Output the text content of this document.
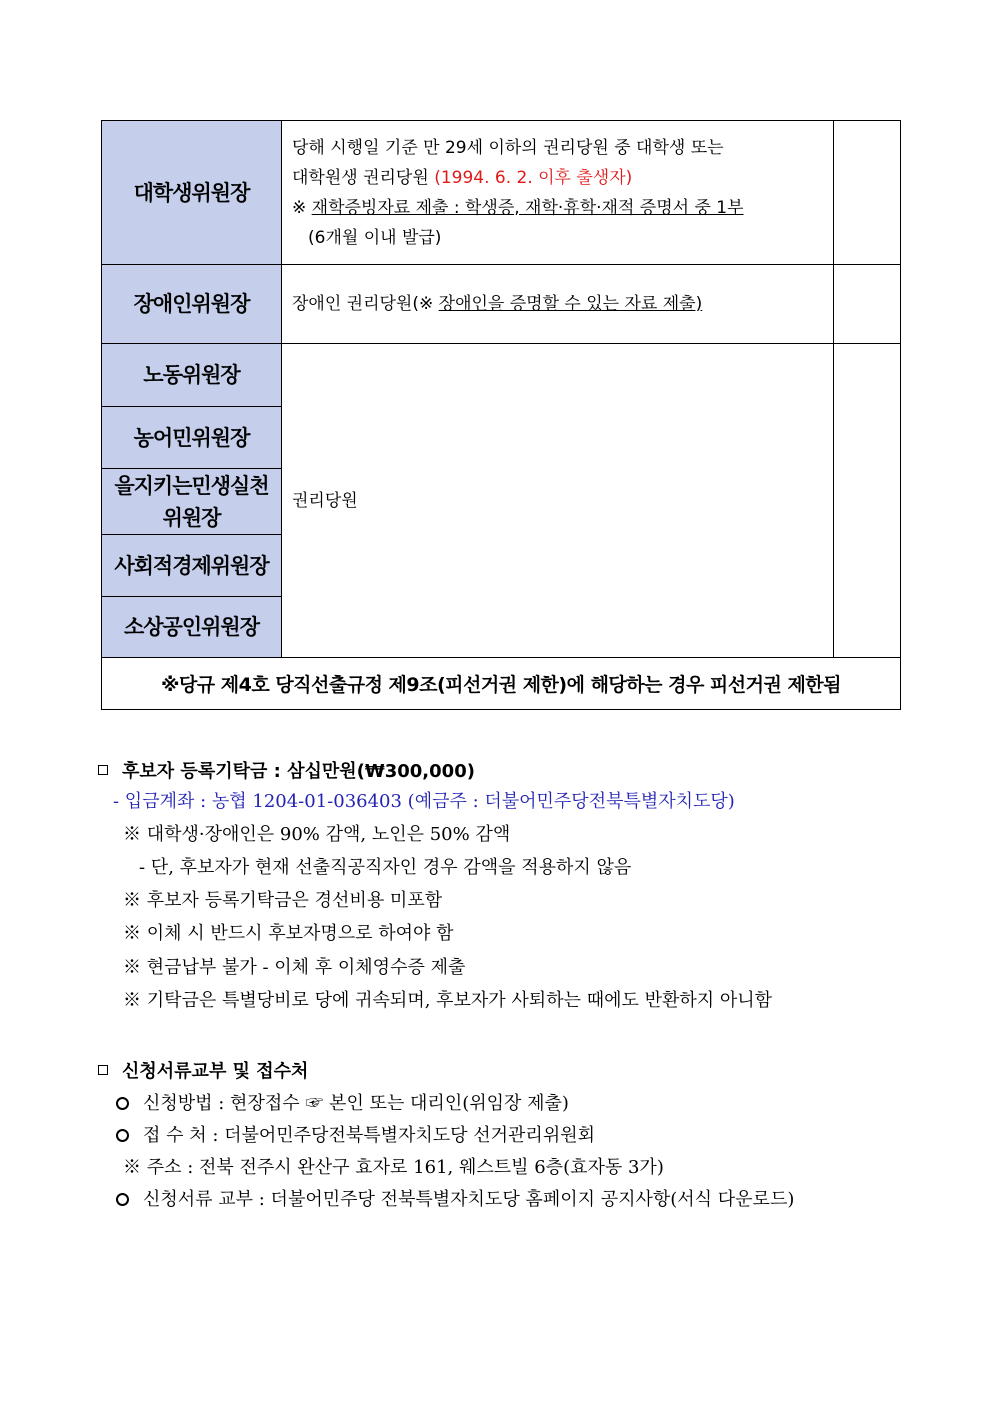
대학생위원장
당해 시행일 기준 만 29세 이하의 권리당원 중 대학생 또는
대학원생 권리당원 (1994. 6. 2. 이후 출생자)
※ 재학증빙자료 제출 : 학생증, 재학·휴학·재적 증명서 중 1부
(6개월 이내 발급)
장애인위원장	장애인 권리당원(※ 장애인을 증명할 수 있는 자료 제출)
노동위원장
농어민위원장
을지키는민생실천
위원장
사회적경제위원장
소상공인위원장
권리당원
※당규 제4호 당직선출규정 제9조(피선거권 제한)에 해당하는 경우 피선거권 제한됨
후보자 등록기탁금 : 삼십만원(₩300,000)
- 입금계좌 : 농협 1204-01-036403 (예금주 : 더불어민주당전북특별자치도당)
※ 대학생·장애인은 90% 감액, 노인은 50% 감액
- 단, 후보자가 현재 선출직공직자인 경우 감액을 적용하지 않음
※ 후보자 등록기탁금은 경선비용 미포함
※ 이체 시 반드시 후보자명으로 하여야 함
※ 현금납부 불가 - 이체 후 이체영수증 제출
※ 기탁금은 특별당비로 당에 귀속되며, 후보자가 사퇴하는 때에도 반환하지 아니함
신청서류교부 및 접수처
신청방법 : 현장접수 ☞ 본인 또는 대리인(위임장 제출)
접 수 처 : 더불어민주당전북특별자치도당 선거관리위원회
※ 주소 : 전북 전주시 완산구 효자로 161, 웨스트빌 6층(효자동 3가)
신청서류 교부 : 더불어민주당 전북특별자치도당 홈페이지 공지사항(서식 다운로드)
